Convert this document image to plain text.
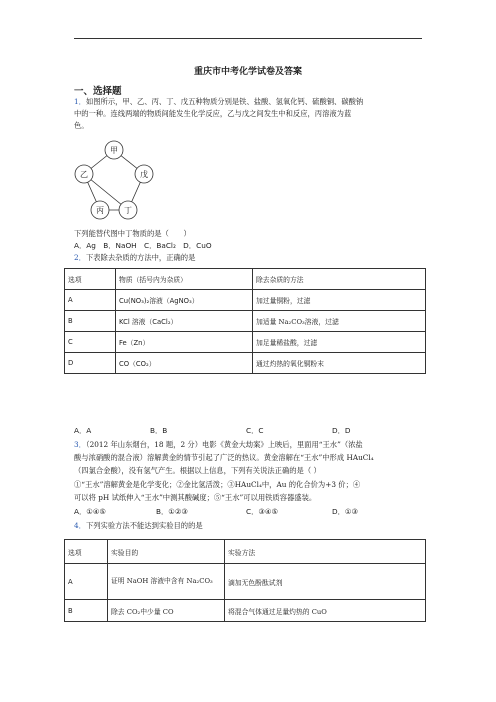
重庆市中考化学试卷及答案
一、选择题
1．如图所示，甲、乙、丙、丁、戊五种物质分别是铁、盐酸、氢氧化钙、硫酸铜、碳酸钠
中的一种。连线两端的物质间能发生化学反应，乙与戊之间发生中和反应，丙溶液为蓝
色。
甲
乙	戊
丙	丁
下列能替代图中丁物质的是（　　）
A．Ag　B．NaOH　C．BaCl₂　D．CuO
2．下表除去杂质的方法中，正确的是
选项	物质（括号内为杂质）	除去杂质的方法
A	Cu(NO₃)₂溶液（AgNO₃）	加过量铜粉，过滤
B	KCl 溶液（CaCl₂）	加适量 Na₂CO₃溶液，过滤
C	Fe（Zn）	加足量稀盐酸，过滤
D	CO（CO₂）	通过灼热的氧化铜粉末
A．A	B．B	C．C	D．D
3．（2012 年山东烟台，18 题，2 分）电影《黄金大劫案》上映后，里面用“王水”（浓盐
酸与浓硝酸的混合液）溶解黄金的情节引起了广泛的热议。黄金溶解在“王水”中形成 HAuCl₄
（四氯合金酸），没有氢气产生。根据以上信息，下列有关说法正确的是（ ）
①“王水”溶解黄金是化学变化；②金比氢活泼；③HAuCl₄中，Au 的化合价为+3 价；④
可以将 pH 试纸伸入“王水”中测其酸碱度；⑤“王水”可以用铁质容器盛装。
A．①④⑤	B．①②③	C．③④⑤	D．①③
4．下列实验方法不能达到实验目的的是
选项	实验目的	实验方法
A	证明 NaOH 溶液中含有 Na₂CO₃	滴加无色酚酞试剂
B	除去 CO₂中少量 CO	将混合气体通过足量灼热的 CuO
